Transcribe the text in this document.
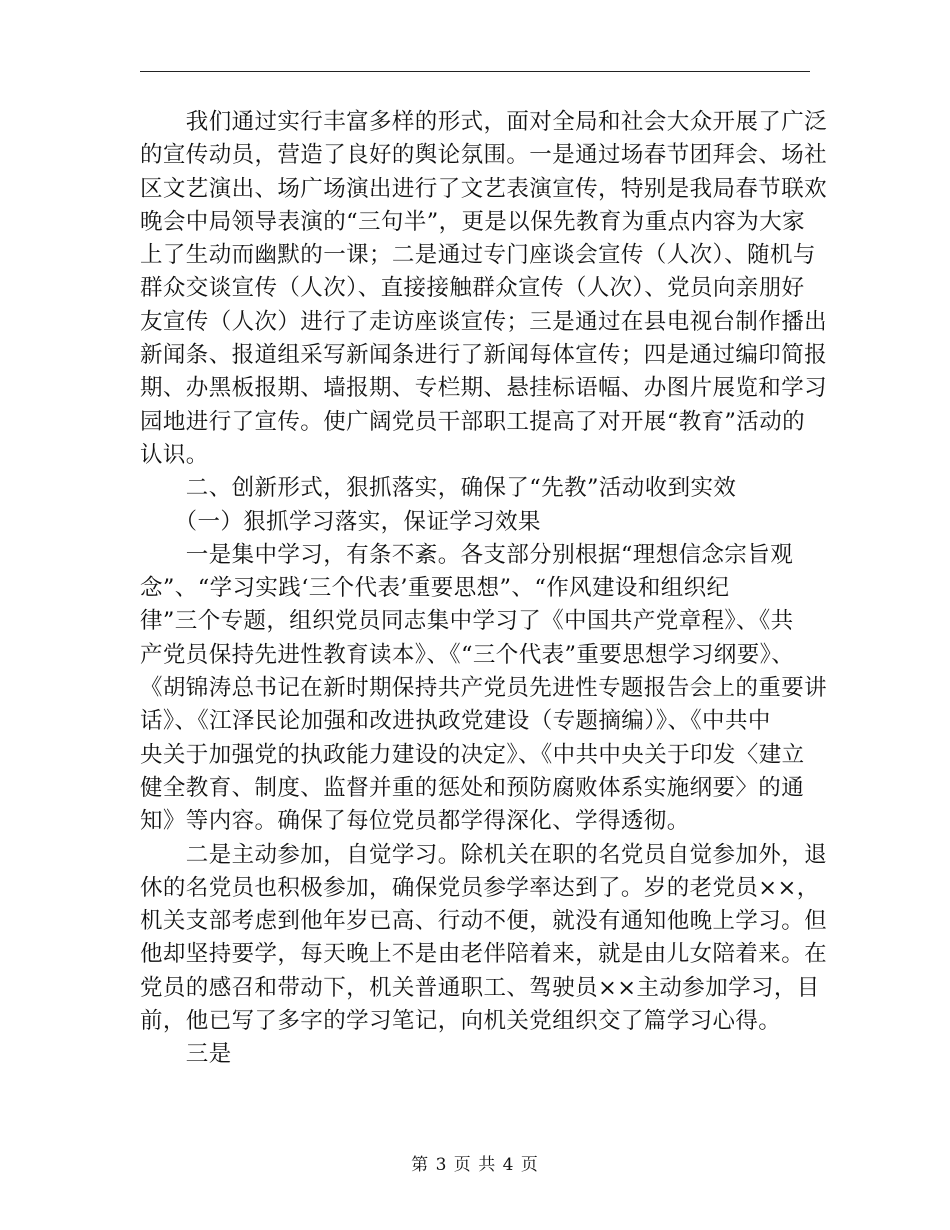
　　我们通过实行丰富多样的形式，面对全局和社会大众开展了广泛
的宣传动员，营造了良好的舆论氛围。一是通过场春节团拜会、场社
区文艺演出、场广场演出进行了文艺表演宣传，特别是我局春节联欢
晚会中局领导表演的“三句半”，更是以保先教育为重点内容为大家
上了生动而幽默的一课；二是通过专门座谈会宣传（人次）、随机与
群众交谈宣传（人次）、直接接触群众宣传（人次）、党员向亲朋好
友宣传（人次）进行了走访座谈宣传；三是通过在县电视台制作播出
新闻条、报道组采写新闻条进行了新闻每体宣传；四是通过编印简报
期、办黑板报期、墙报期、专栏期、悬挂标语幅、办图片展览和学习
园地进行了宣传。使广阔党员干部职工提高了对开展“教育”活动的
认识。
　　二、创新形式，狠抓落实，确保了“先教”活动收到实效
　　（一）狠抓学习落实，保证学习效果
　　一是集中学习，有条不紊。各支部分别根据“理想信念宗旨观
念”、“学习实践‘三个代表’重要思想”、“作风建设和组织纪
律”三个专题，组织党员同志集中学习了《中国共产党章程》、《共
产党员保持先进性教育读本》、《“三个代表”重要思想学习纲要》、
《胡锦涛总书记在新时期保持共产党员先进性专题报告会上的重要讲
话》、《江泽民论加强和改进执政党建设（专题摘编）》、《中共中
央关于加强党的执政能力建设的决定》、《中共中央关于印发〈建立
健全教育、制度、监督并重的惩处和预防腐败体系实施纲要〉的通
知》等内容。确保了每位党员都学得深化、学得透彻。
　　二是主动参加，自觉学习。除机关在职的名党员自觉参加外，退
休的名党员也积极参加，确保党员参学率达到了。岁的老党员××，
机关支部考虑到他年岁已高、行动不便，就没有通知他晚上学习。但
他却坚持要学，每天晚上不是由老伴陪着来，就是由儿女陪着来。在
党员的感召和带动下，机关普通职工、驾驶员××主动参加学习，目
前，他已写了多字的学习笔记，向机关党组织交了篇学习心得。
　　三是
第 3 页 共 4 页
